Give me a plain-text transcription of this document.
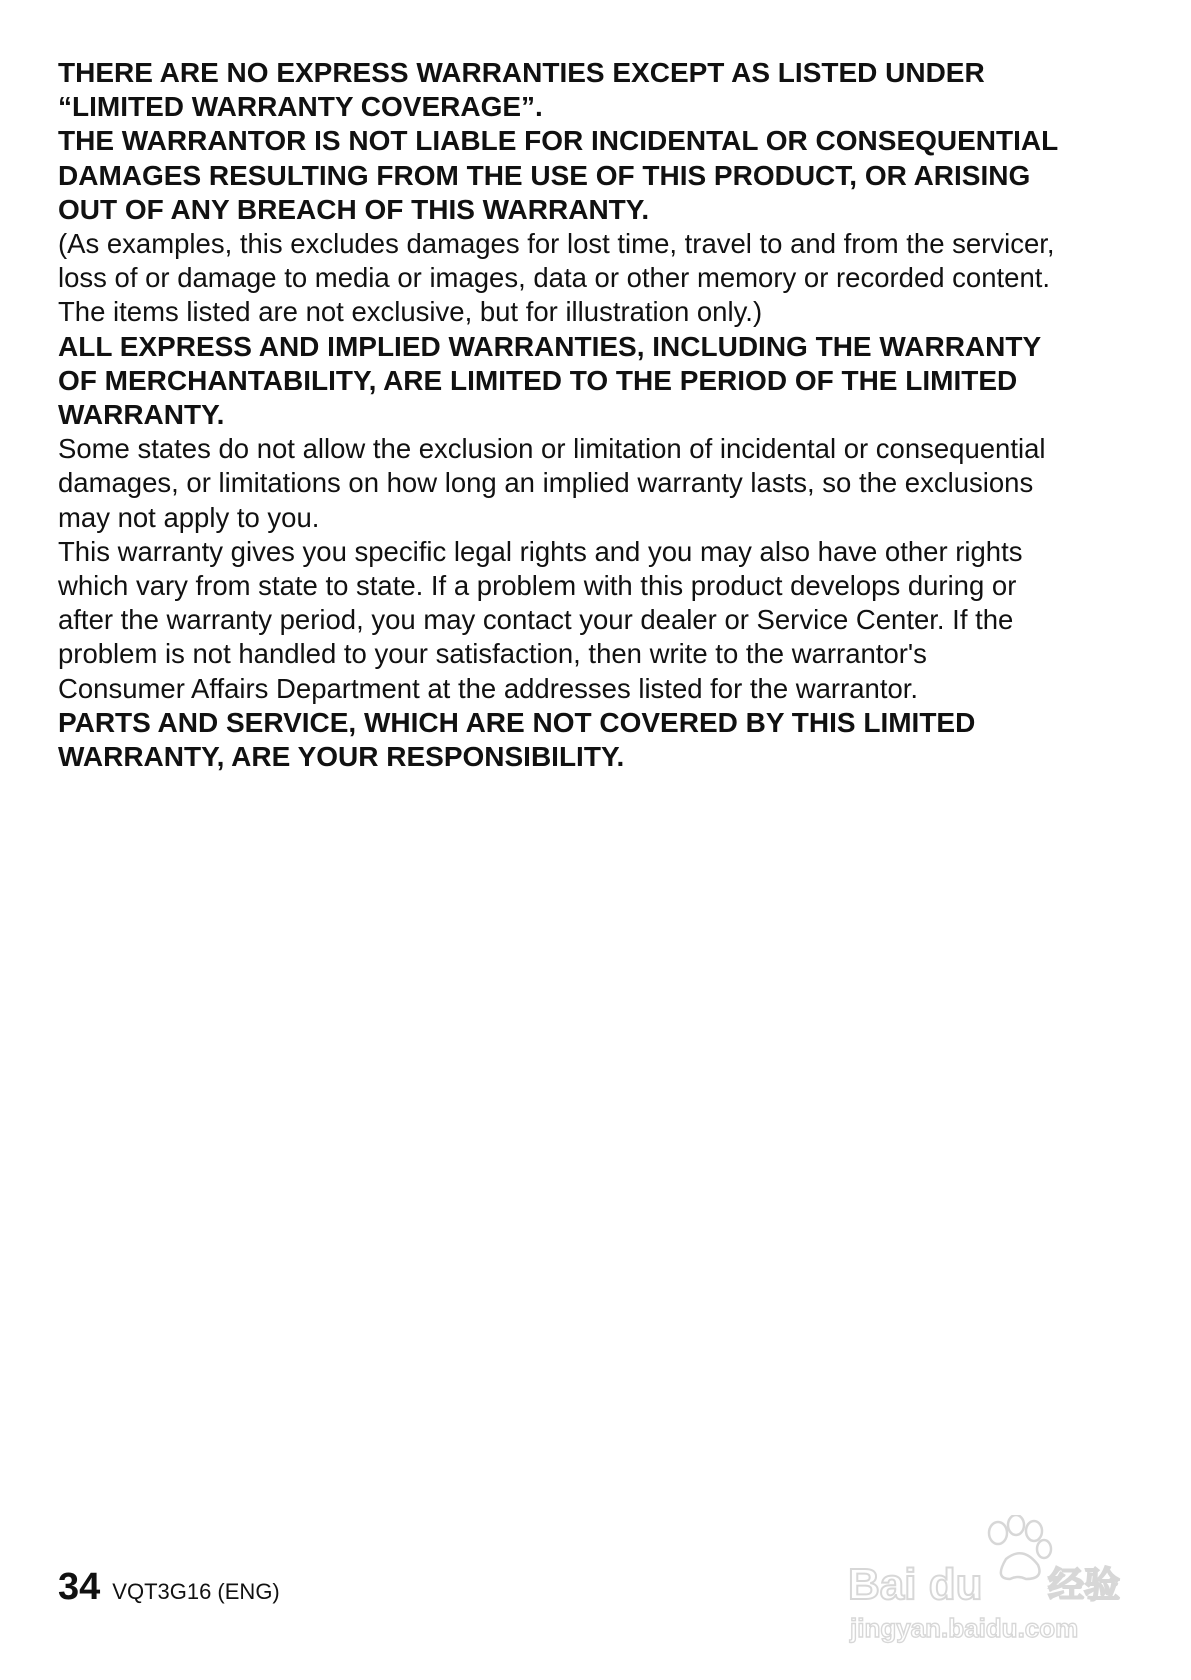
THERE ARE NO EXPRESS WARRANTIES EXCEPT AS LISTED UNDER
“LIMITED WARRANTY COVERAGE”.

THE WARRANTOR IS NOT LIABLE FOR INCIDENTAL OR CONSEQUENTIAL
DAMAGES RESULTING FROM THE USE OF THIS PRODUCT, OR ARISING
OUT OF ANY BREACH OF THIS WARRANTY.

(As examples, this excludes damages for lost time, travel to and from the servicer,
loss of or damage to media or images, data or other memory or recorded content.
The items listed are not exclusive, but for illustration only.)

ALL EXPRESS AND IMPLIED WARRANTIES, INCLUDING THE WARRANTY
OF MERCHANTABILITY, ARE LIMITED TO THE PERIOD OF THE LIMITED
WARRANTY.

Some states do not allow the exclusion or limitation of incidental or consequential
damages, or limitations on how long an implied warranty lasts, so the exclusions
may not apply to you.

This warranty gives you specific legal rights and you may also have other rights
which vary from state to state. If a problem with this product develops during or
after the warranty period, you may contact your dealer or Service Center. If the
problem is not handled to your satisfaction, then write to the warrantor's
Consumer Affairs Department at the addresses listed for the warrantor.

PARTS AND SERVICE, WHICH ARE NOT COVERED BY THIS LIMITED
WARRANTY, ARE YOUR RESPONSIBILITY.

34 VQT3G16 (ENG)	Bai du 经验
jingyan.baidu.com
